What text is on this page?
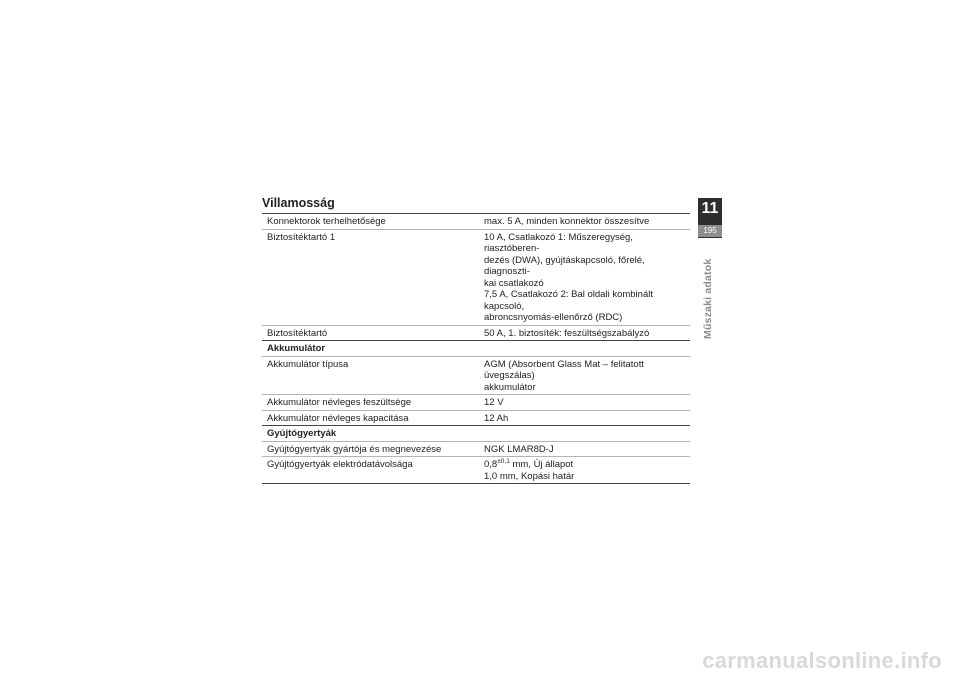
Villamosság
Konnektorok terhelhetősége	max. 5 A, minden konnektor összesítve
Biztosítéktartó 1	10 A, Csatlakozó 1: Műszeregység, riasztóberen-
dezés (DWA), gyújtáskapcsoló, főrelé, diagnoszti-
kai csatlakozó
7,5 A, Csatlakozó 2: Bal oldali kombinált kapcsoló,
abroncsnyomás-ellenőrző (RDC)
Biztosítéktartó	50 A, 1. biztosíték: feszültségszabályzó
Akkumulátor	
Akkumulátor típusa	AGM (Absorbent Glass Mat – felitatott üvegszálas)
akkumulátor
Akkumulátor névleges feszültsége	12 V
Akkumulátor névleges kapacitása	12 Ah
Gyújtógyertyák	
Gyújtógyertyák gyártója és megnevezése	NGK LMAR8D-J
Gyújtógyertyák elektródatávolsága	$0,8^{\pm 0,1}$ mm, Új állapot
1,0 mm, Kopási határ
11
195
Műszaki adatok
carmanualsonline.info
